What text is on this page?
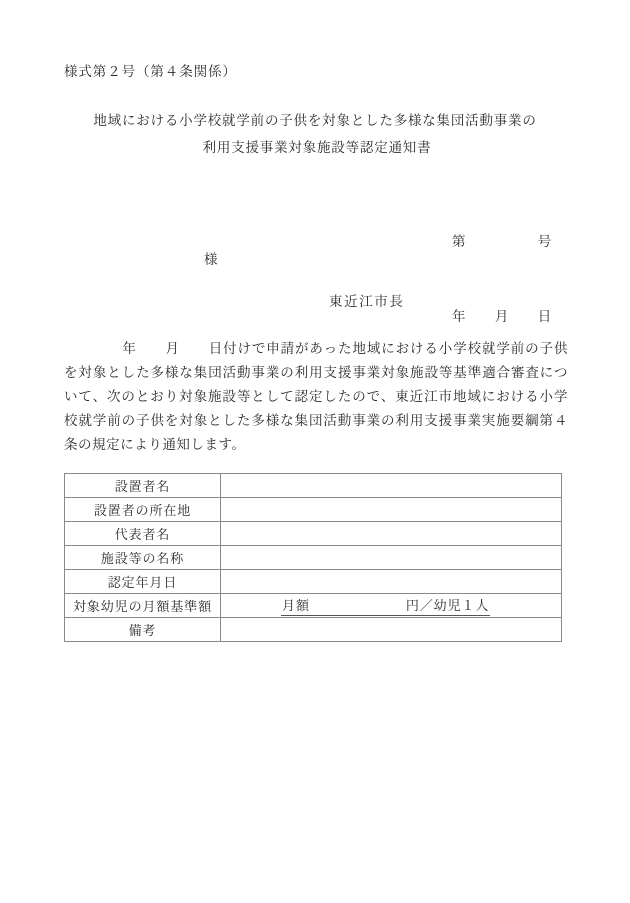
様式第２号（第４条関係）
地域における小学校就学前の子供を対象とした多様な集団活動事業の
利用支援事業対象施設等認定通知書

第　　　　　号

年　　月　　日

様
東近江市長
年　　月　　日付けで申請があった地域における小学校就学前の子供を対象とした多様な集団活動事業の利用支援事業対象施設等基準適合審査について、次のとおり対象施設等として認定したので、東近江市地域における小学校就学前の子供を対象とした多様な集団活動事業の利用支援事業実施要綱第４条の規定により通知します。
設置者名	
設置者の所在地	
代表者名	
施設等の名称	
認定年月日	
対象幼児の月額基準額	月額 円／幼児１人
備考	
